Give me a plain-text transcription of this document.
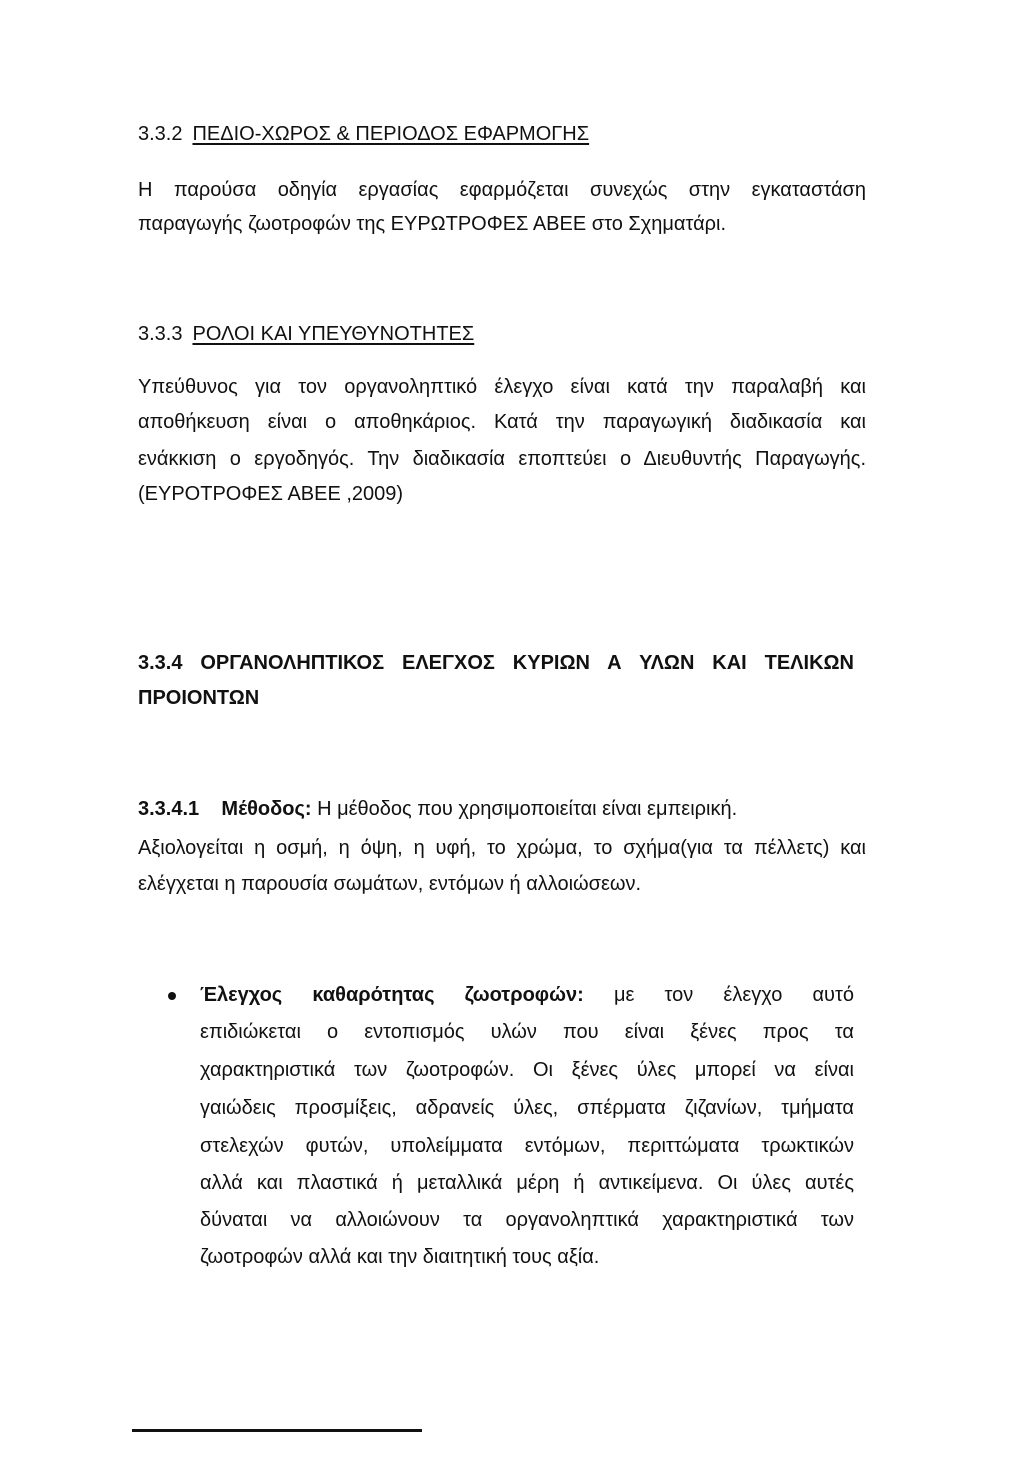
3.3.2 ΠΕΔΙΟ-ΧΩΡΟΣ & ΠΕΡΙΟΔΟΣ ΕΦΑΡΜΟΓΗΣ
Η παρούσα οδηγία εργασίας εφαρμόζεται συνεχώς στην εγκαταστάση
παραγωγής ζωοτροφών της ΕΥΡΩΤΡΟΦΕΣ ΑΒΕΕ στο Σχηματάρι.
3.3.3 ΡΟΛΟΙ ΚΑΙ ΥΠΕΥΘΥΝΟΤΗΤΕΣ
Υπεύθυνος για τον οργανοληπτικό έλεγχο είναι κατά την παραλαβή και
αποθήκευση είναι ο αποθηκάριος. Κατά την παραγωγική διαδικασία και
ενάκκιση ο εργοδηγός. Την διαδικασία εποπτεύει ο Διευθυντής Παραγωγής.
(ΕΥΡΟΤΡΟΦΕΣ ΑΒΕΕ ,2009)
3.3.4 ΟΡΓΑΝΟΛΗΠΤΙΚΟΣ ΕΛΕΓΧΟΣ ΚΥΡΙΩΝ Α ΥΛΩΝ ΚΑΙ ΤΕΛΙΚΩΝ
ΠΡΟΙΟΝΤΩΝ
3.3.4.1 Μέθοδος: Η μέθοδος που χρησιμοποιείται είναι εμπειρική.
Αξιολογείται η οσμή, η όψη, η υφή, το χρώμα, το σχήμα(για τα πέλλετς) και
ελέγχεται η παρουσία σωμάτων, εντόμων ή αλλοιώσεων.
Έλεγχος καθαρότητας ζωοτροφών: με τον έλεγχο αυτό
επιδιώκεται ο εντοπισμός υλών που είναι ξένες προς τα
χαρακτηριστικά των ζωοτροφών. Οι ξένες ύλες μπορεί να είναι
γαιώδεις προσμίξεις, αδρανείς ύλες, σπέρματα ζιζανίων, τμήματα
στελεχών φυτών, υπολείμματα εντόμων, περιττώματα τρωκτικών
αλλά και πλαστικά ή μεταλλικά μέρη ή αντικείμενα. Οι ύλες αυτές
δύναται να αλλοιώνουν τα οργανοληπτικά χαρακτηριστικά των
ζωοτροφών αλλά και την διαιτητική τους αξία.
